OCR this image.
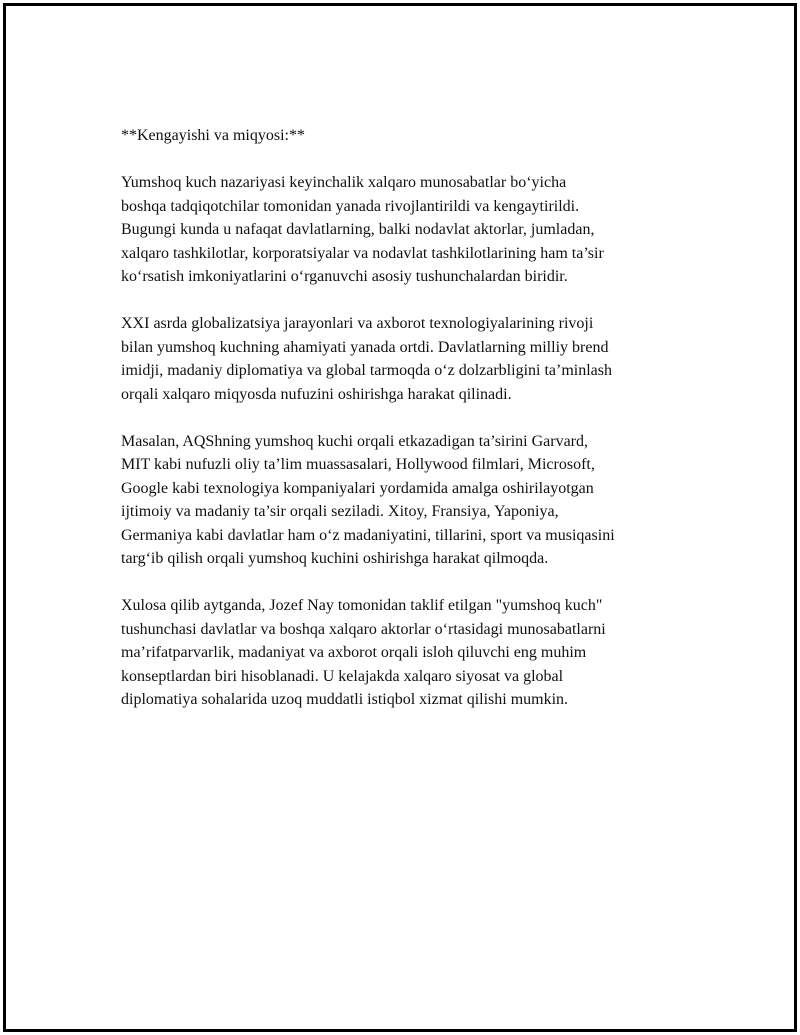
**Kengayishi va miqyosi:**
Yumshoq kuch nazariyasi keyinchalik xalqaro munosabatlar bo‘yicha
boshqa tadqiqotchilar tomonidan yanada rivojlantirildi va kengaytirildi.
Bugungi kunda u nafaqat davlatlarning, balki nodavlat aktorlar, jumladan,
xalqaro tashkilotlar, korporatsiyalar va nodavlat tashkilotlarining ham ta’sir
ko‘rsatish imkoniyatlarini o‘rganuvchi asosiy tushunchalardan biridir.
XXI asrda globalizatsiya jarayonlari va axborot texnologiyalarining rivoji
bilan yumshoq kuchning ahamiyati yanada ortdi. Davlatlarning milliy brend
imidji, madaniy diplomatiya va global tarmoqda o‘z dolzarbligini ta’minlash
orqali xalqaro miqyosda nufuzini oshirishga harakat qilinadi.
Masalan, AQShning yumshoq kuchi orqali etkazadigan ta’sirini Garvard,
MIT kabi nufuzli oliy ta’lim muassasalari, Hollywood filmlari, Microsoft,
Google kabi texnologiya kompaniyalari yordamida amalga oshirilayotgan
ijtimoiy va madaniy ta’sir orqali seziladi. Xitoy, Fransiya, Yaponiya,
Germaniya kabi davlatlar ham o‘z madaniyatini, tillarini, sport va musiqasini
targ‘ib qilish orqali yumshoq kuchini oshirishga harakat qilmoqda.
Xulosa qilib aytganda, Jozef Nay tomonidan taklif etilgan "yumshoq kuch"
tushunchasi davlatlar va boshqa xalqaro aktorlar o‘rtasidagi munosabatlarni
ma’rifatparvarlik, madaniyat va axborot orqali isloh qiluvchi eng muhim
konseptlardan biri hisoblanadi. U kelajakda xalqaro siyosat va global
diplomatiya sohalarida uzoq muddatli istiqbol xizmat qilishi mumkin.
